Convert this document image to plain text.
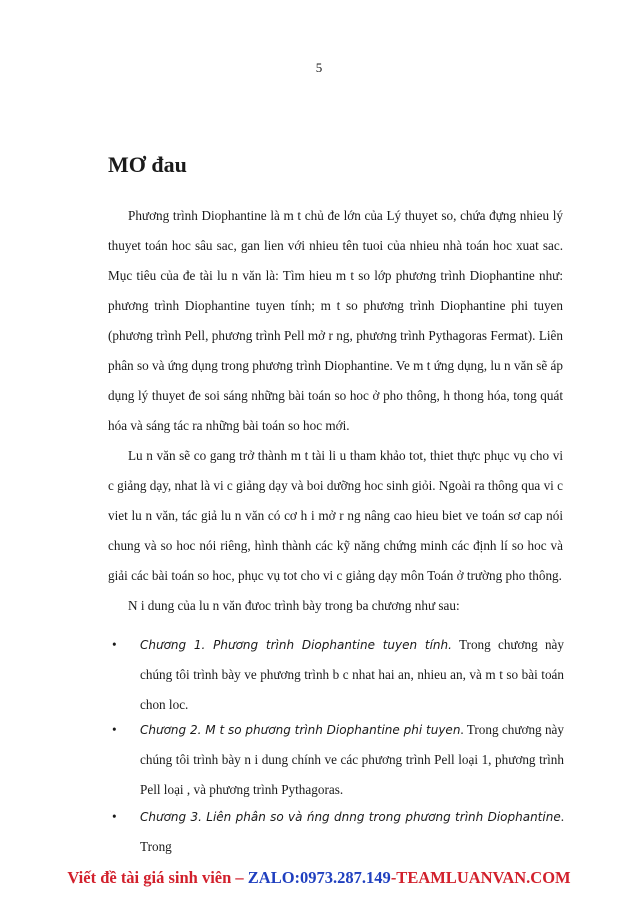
5
MƠ đau

Phương trình Diophantine là m t chủ đe lớn của Lý thuyet so, chứa đựng nhieu lý thuyet toán hoc sâu sac, gan lien với nhieu tên tuoi của nhieu nhà toán hoc xuat sac. Mục tiêu của đe tài lu n văn là: Tìm hieu m t so lớp phương trình Diophantine như: phương trình Diophantine tuyen tính; m t so phương trình Diophantine phi tuyen (phương trình Pell, phương trình Pell mở r ng, phương trình Pythagoras Fermat). Liên phân so và ứng dụng trong phương trình Diophantine. Ve m t ứng dụng, lu n văn sẽ áp dụng lý thuyet đe soi sáng những bài toán so hoc ở pho thông, h thong hóa, tong quát hóa và sáng tác ra những bài toán so hoc mới.

Lu n văn sẽ co gang trở thành m t tài li u tham khảo tot, thiet thực phục vụ cho vi c giảng dạy, nhat là vi c giảng dạy và boi dưỡng hoc sinh giỏi. Ngoài ra thông qua vi c viet lu n văn, tác giả lu n văn có cơ h i mở r ng nâng cao hieu biet ve toán sơ cap nói chung và so hoc nói riêng, hình thành các kỹ năng chứng minh các định lí so hoc và giải các bài toán so hoc, phục vụ tot cho vi c giảng dạy môn Toán ở trường pho thông.

N i dung của lu n văn đưoc trình bày trong ba chương như sau:

• Chương 1. Phương trình Diophantine tuyen tính. Trong chương này chúng tôi trình bày ve phương trình b c nhat hai an, nhieu an, và m t so bài toán chon loc.
• Chương 2. M t so phương trình Diophantine phi tuyen. Trong chương này chúng tôi trình bày n i dung chính ve các phương trình Pell loại 1, phương trình Pell loại , và phương trình Pythagoras.
• Chương 3. Liên phân so và ńng dnng trong phương trình Diophantine. Trong
Viết đề tài giá sinh viên – ZALO:0973.287.149-TEAMLUANVAN.COM
